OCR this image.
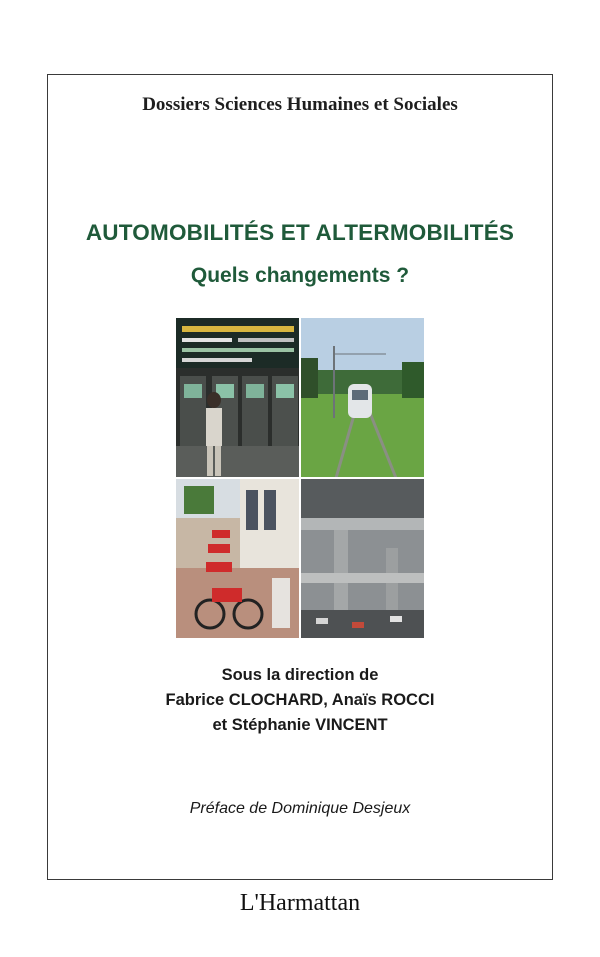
Dossiers Sciences Humaines et Sociales
AUTOMOBILITÉS ET ALTERMOBILITÉS
Quels changements ?
Sous la direction de
Fabrice CLOCHARD, Anaïs ROCCI
et Stéphanie VINCENT
Préface de Dominique Desjeux
L'Harmattan
